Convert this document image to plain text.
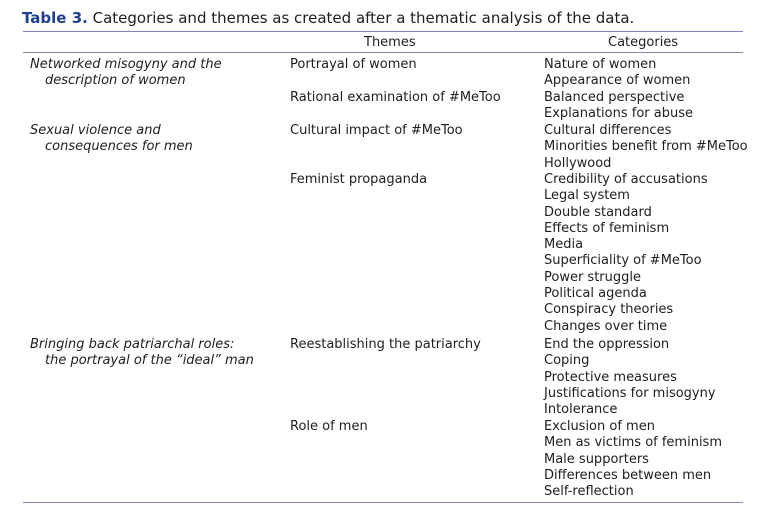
Table 3. Categories and themes as created after a thematic analysis of the data.
Themes	Categories
Networked misogyny and the
description of women
Portrayal of women	Nature of women
Appearance of women
Rational examination of #MeToo	Balanced perspective
Explanations for abuse
Sexual violence and
consequences for men
Cultural impact of #MeToo	Cultural differences
Minorities benefit from #MeToo
Hollywood
Feminist propaganda	Credibility of accusations
Legal system
Double standard
Effects of feminism
Media
Superficiality of #MeToo
Power struggle
Political agenda
Conspiracy theories
Changes over time
Bringing back patriarchal roles:
the portrayal of the “ideal” man
Reestablishing the patriarchy	End the oppression
Coping
Protective measures
Justifications for misogyny
Intolerance
Role of men	Exclusion of men
Men as victims of feminism
Male supporters
Differences between men
Self-reflection
